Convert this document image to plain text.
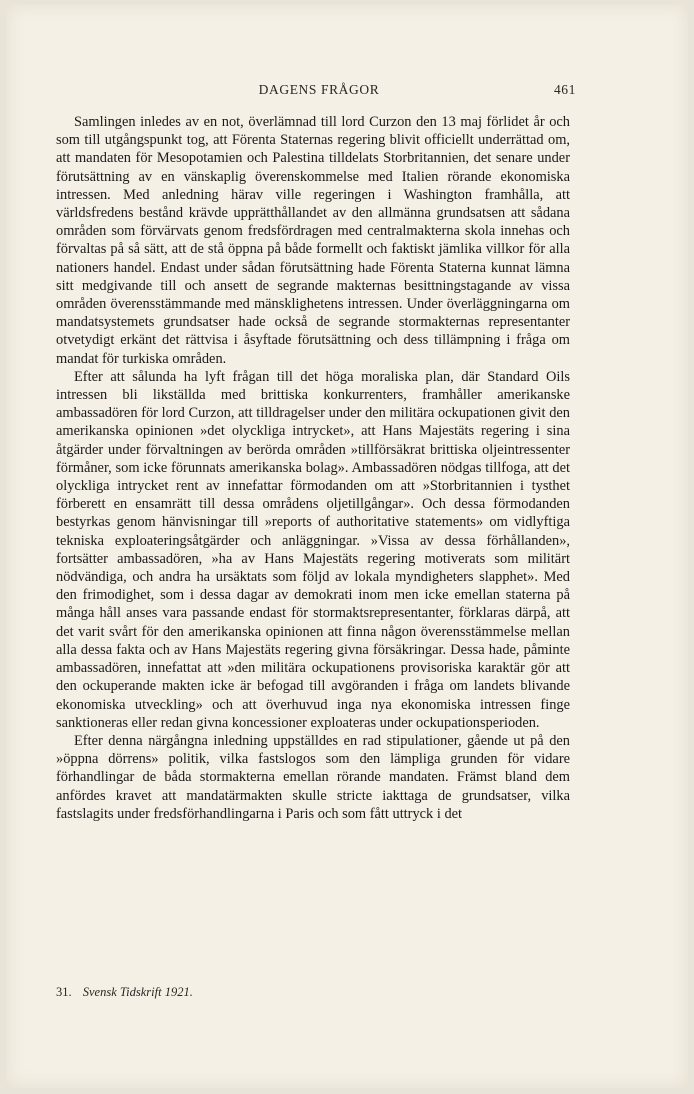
DAGENS FRÅGOR	461

Samlingen inledes av en not, överlämnad till lord Curzon den 13 maj förlidet år och som till utgångspunkt tog, att Förenta Staternas regering blivit officiellt underrättad om, att mandaten för Mesopotamien och Palestina tilldelats Storbritannien, det senare under förutsättning av en vänskaplig överenskommelse med Italien rörande ekonomiska intressen. Med anledning härav ville regeringen i Washington framhålla, att världsfredens bestånd krävde upprätthållandet av den allmänna grundsatsen att sådana områden som förvärvats genom fredsfördragen med centralmakterna skola innehas och förvaltas på så sätt, att de stå öppna på både formellt och faktiskt jämlika villkor för alla nationers handel. Endast under sådan förutsättning hade Förenta Staterna kunnat lämna sitt medgivande till och ansett de segrande makternas besittningstagande av vissa områden överensstämmande med mänsklighetens intressen. Under överläggningarna om mandatsystemets grundsatser hade också de segrande stormakternas representanter otvetydigt erkänt det rättvisa i åsyftade förutsättning och dess tillämpning i fråga om mandat för turkiska områden.

Efter att sålunda ha lyft frågan till det höga moraliska plan, där Standard Oils intressen bli likställda med brittiska konkurrenters, framhåller amerikanske ambassadören för lord Curzon, att tilldragelser under den militära ockupationen givit den amerikanska opinionen »det olyckliga intrycket», att Hans Majestäts regering i sina åtgärder under förvaltningen av berörda områden »tillförsäkrat brittiska oljeintressenter förmåner, som icke förunnats amerikanska bolag». Ambassadören nödgas tillfoga, att det olyckliga intrycket rent av innefattar förmodanden om att »Storbritannien i tysthet förberett en ensamrätt till dessa områdens oljetillgångar». Och dessa förmodanden bestyrkas genom hänvisningar till »reports of authoritative statements» om vidlyftiga tekniska exploateringsåtgärder och anläggningar. »Vissa av dessa förhållanden», fortsätter ambassadören, »ha av Hans Majestäts regering motiverats som militärt nödvändiga, och andra ha ursäktats som följd av lokala myndigheters slapphet». Med den frimodighet, som i dessa dagar av demokrati inom men icke emellan staterna på många håll anses vara passande endast för stormaktsrepresentanter, förklaras därpå, att det varit svårt för den amerikanska opinionen att finna någon överensstämmelse mellan alla dessa fakta och av Hans Majestäts regering givna försäkringar. Dessa hade, påminte ambassadören, innefattat att »den militära ockupationens provisoriska karaktär gör att den ockuperande makten icke är befogad till avgöranden i fråga om landets blivande ekonomiska utveckling» och att överhuvud inga nya ekonomiska intressen finge sanktioneras eller redan givna koncessioner exploateras under ockupationsperioden.

Efter denna närgångna inledning uppställdes en rad stipulationer, gående ut på den »öppna dörrens» politik, vilka fastslogos som den lämpliga grunden för vidare förhandlingar de båda stormakterna emellan rörande mandaten. Främst bland dem anfördes kravet att mandatärmakten skulle stricte iakttaga de grundsatser, vilka fastslagits under fredsförhandlingarna i Paris och som fått uttryck i det

31. Svensk Tidskrift 1921.
